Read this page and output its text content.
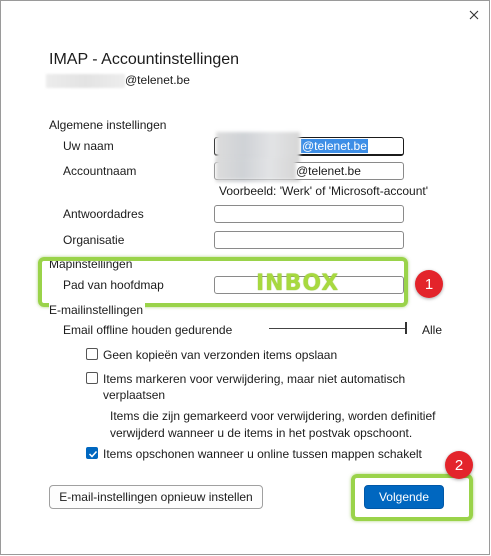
IMAP - Accountinstellingen
@telenet.be
Algemene instellingen
Uw naam	@telenet.be
Accountnaam	@telenet.be
Voorbeeld: 'Werk' of 'Microsoft-account'
Antwoordadres
Organisatie
Mapinstellingen
Pad van hoofdmap	INBOX	1
E-mailinstellingen
Email offline houden gedurende	Alle
Geen kopieën van verzonden items opslaan
Items markeren voor verwijdering, maar niet automatisch
verplaatsen
Items die zijn gemarkeerd voor verwijdering, worden definitief
verwijderd wanneer u de items in het postvak opschoont.
Items opschonen wanneer u online tussen mappen schakelt
E-mail-instellingen opnieuw instellen	Volgende
2
